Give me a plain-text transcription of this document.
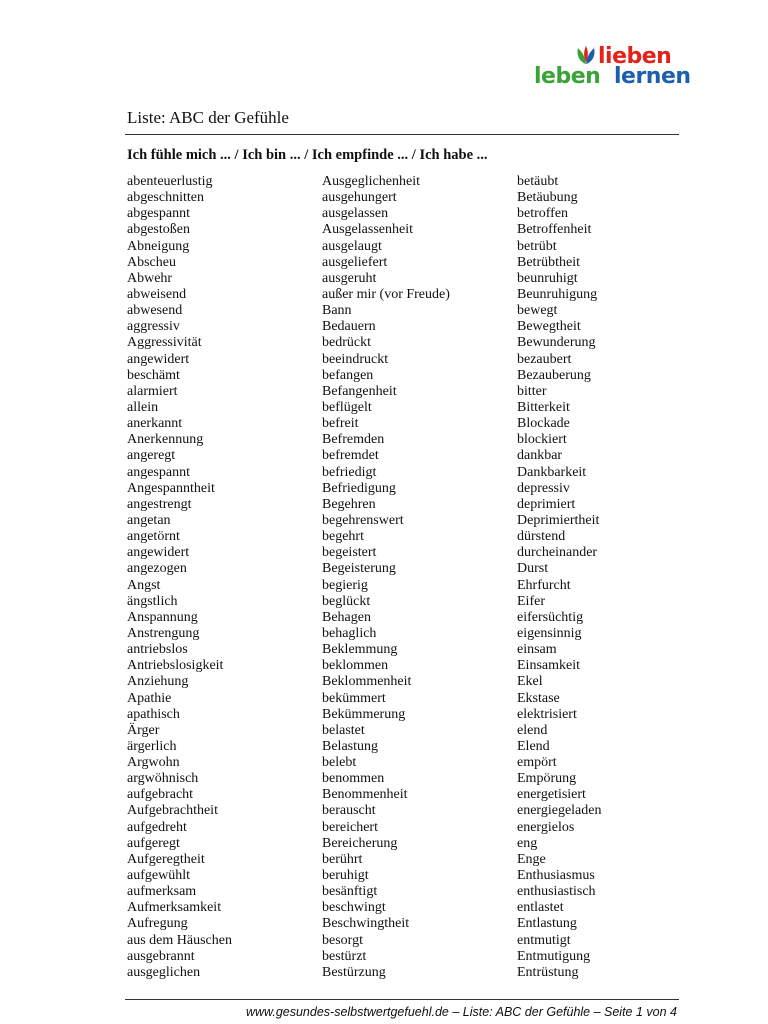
lieben
leben lernen
Liste: ABC der Gefühle
Ich fühle mich ... / Ich bin ... / Ich empfinde ... / Ich habe ...
abenteuerlustig
abgeschnitten
abgespannt
abgestoßen
Abneigung
Abscheu
Abwehr
abweisend
abwesend
aggressiv
Aggressivität
angewidert
beschämt
alarmiert
allein
anerkannt
Anerkennung
angeregt
angespannt
Angespanntheit
angestrengt
angetan
angetörnt
angewidert
angezogen
Angst
ängstlich
Anspannung
Anstrengung
antriebslos
Antriebslosigkeit
Anziehung
Apathie
apathisch
Ärger
ärgerlich
Argwohn
argwöhnisch
aufgebracht
Aufgebrachtheit
aufgedreht
aufgeregt
Aufgeregtheit
aufgewühlt
aufmerksam
Aufmerksamkeit
Aufregung
aus dem Häuschen
ausgebrannt
ausgeglichen
Ausgeglichenheit
ausgehungert
ausgelassen
Ausgelassenheit
ausgelaugt
ausgeliefert
ausgeruht
außer mir (vor Freude)
Bann
Bedauern
bedrückt
beeindruckt
befangen
Befangenheit
beflügelt
befreit
Befremden
befremdet
befriedigt
Befriedigung
Begehren
begehrenswert
begehrt
begeistert
Begeisterung
begierig
beglückt
Behagen
behaglich
Beklemmung
beklommen
Beklommenheit
bekümmert
Bekümmerung
belastet
Belastung
belebt
benommen
Benommenheit
berauscht
bereichert
Bereicherung
berührt
beruhigt
besänftigt
beschwingt
Beschwingtheit
besorgt
bestürzt
Bestürzung
betäubt
Betäubung
betroffen
Betroffenheit
betrübt
Betrübtheit
beunruhigt
Beunruhigung
bewegt
Bewegtheit
Bewunderung
bezaubert
Bezauberung
bitter
Bitterkeit
Blockade
blockiert
dankbar
Dankbarkeit
depressiv
deprimiert
Deprimiertheit
dürstend
durcheinander
Durst
Ehrfurcht
Eifer
eifersüchtig
eigensinnig
einsam
Einsamkeit
Ekel
Ekstase
elektrisiert
elend
Elend
empört
Empörung
energetisiert
energiegeladen
energielos
eng
Enge
Enthusiasmus
enthusiastisch
entlastet
Entlastung
entmutigt
Entmutigung
Entrüstung
www.gesundes-selbstwertgefuehl.de – Liste: ABC der Gefühle – Seite 1 von 4
